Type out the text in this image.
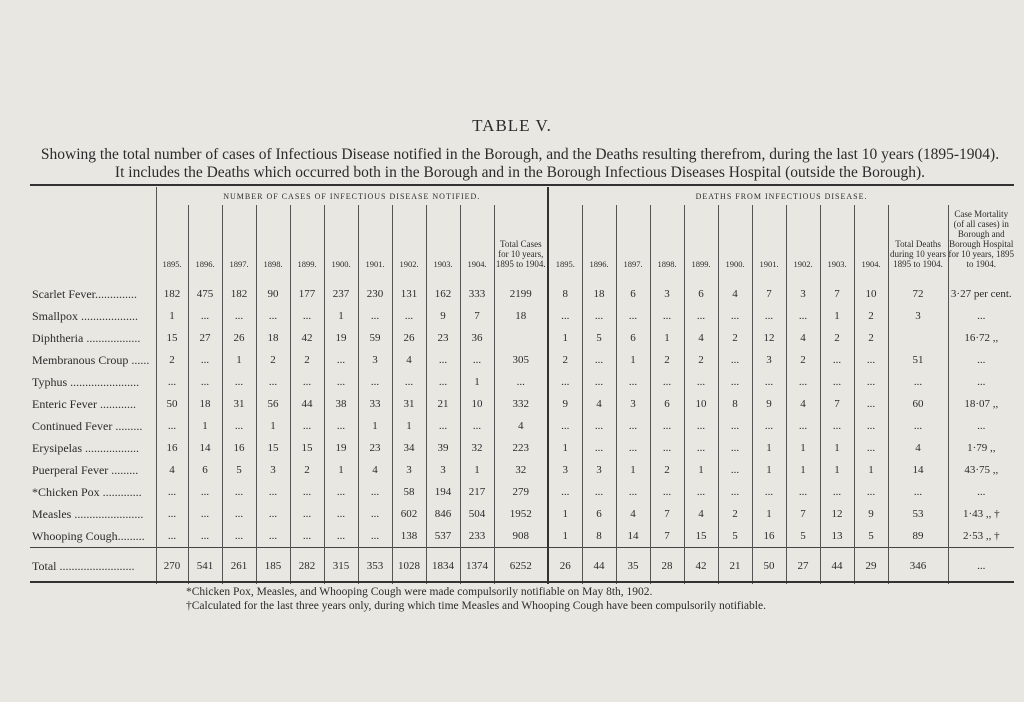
TABLE V.
Showing the total number of cases of Infectious Disease notified in the Borough, and the Deaths resulting therefrom, during the last 10 years (1895-1904). It includes the Deaths which occurred both in the Borough and in the Borough Infectious Diseases Hospital (outside the Borough).
	NUMBER OF CASES OF INFECTIOUS DISEASE NOTIFIED.											DEATHS FROM INFECTIOUS DISEASE.											
	1895.	1896.	1897.	1898.	1899.	1900.	1901.	1902.	1903.	1904.	Total Cases for 10 years, 1895 to 1904.	1895.	1896.	1897.	1898.	1899.	1900.	1901.	1902.	1903.	1904.	Total Deaths during 10 years 1895 to 1904.	Case Mortality (of all cases) in Borough and Borough Hospital for 10 years, 1895 to 1904.

Scarlet Fever..............	182	475	182	90	177	237	230	131	162	333	2199	8	18	6	3	6	4	7	3	7	10	72	3·27 per cent.
Smallpox ...................	1	...	...	...	...	1	...	...	9	7	18	...	...	...	...	...	...	...	...	1	2	3	...
Diphtheria ..................	15	27	26	18	42	19	59	26	23	36		1	5	6	1	4	2	12	4	2	2		16·72 ,,
Membranous Croup ......	2	...	1	2	2	...	3	4	...	...	305	2	...	1	2	2	...	3	2	...	...	51	...
Typhus .......................	...	...	...	...	...	...	...	...	...	1	...	...	...	...	...	...	...	...	...	...	...	...	...
Enteric Fever ............	50	18	31	56	44	38	33	31	21	10	332	9	4	3	6	10	8	9	4	7	...	60	18·07 ,,
Continued Fever .........	...	1	...	1	...	...	1	1	...	...	4	...	...	...	...	...	...	...	...	...	...	...	...
Erysipelas ..................	16	14	16	15	15	19	23	34	39	32	223	1	...	...	...	...	...	1	1	1	...	4	1·79 ,,
Puerperal Fever .........	4	6	5	3	2	1	4	3	3	1	32	3	3	1	2	1	...	1	1	1	1	14	43·75 ,,
*Chicken Pox .............	...	...	...	...	...	...	...	58	194	217	279	...	...	...	...	...	...	...	...	...	...	...	...
Measles .......................	...	...	...	...	...	...	...	602	846	504	1952	1	6	4	7	4	2	1	7	12	9	53	1·43 ,, †
Whooping Cough.........	...	...	...	...	...	...	...	138	537	233	908	1	8	14	7	15	5	16	5	13	5	89	2·53 ,, †
Total .........................	270	541	261	185	282	315	353	1028	1834	1374	6252	26	44	35	28	42	21	50	27	44	29	346	...
*Chicken Pox, Measles, and Whooping Cough were made compulsorily notifiable on May 8th, 1902.
†Calculated for the last three years only, during which time Measles and Whooping Cough have been compulsorily notifiable.
